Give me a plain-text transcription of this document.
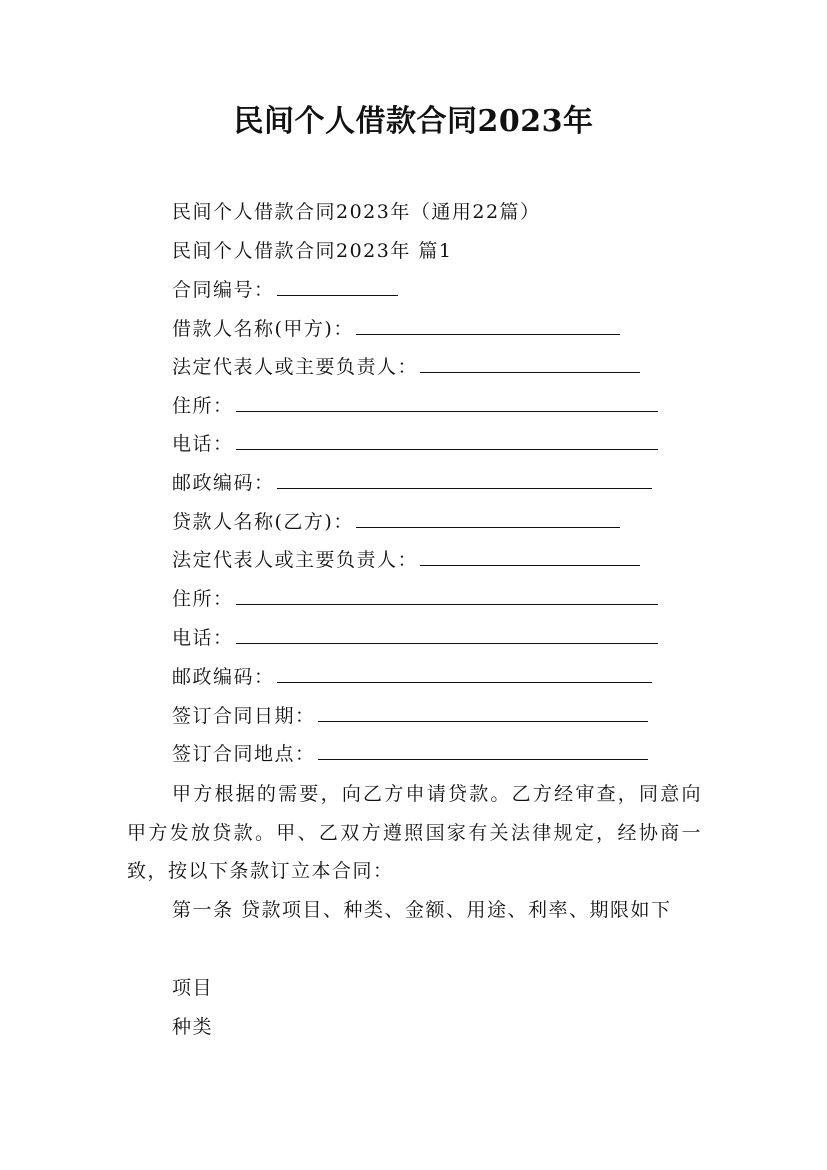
民间个人借款合同2023年
民间个人借款合同2023年（通用22篇）
民间个人借款合同2023年 篇1
合同编号：
借款人名称(甲方)：
法定代表人或主要负责人：
住所：
电话：
邮政编码：
贷款人名称(乙方)：
法定代表人或主要负责人：
住所：
电话：
邮政编码：
签订合同日期：
签订合同地点：
甲方根据的需要，向乙方申请贷款。乙方经审查，同意向甲方发放贷款。甲、乙双方遵照国家有关法律规定，经协商一致，按以下条款订立本合同：
第一条 贷款项目、种类、金额、用途、利率、期限如下
项目
种类
